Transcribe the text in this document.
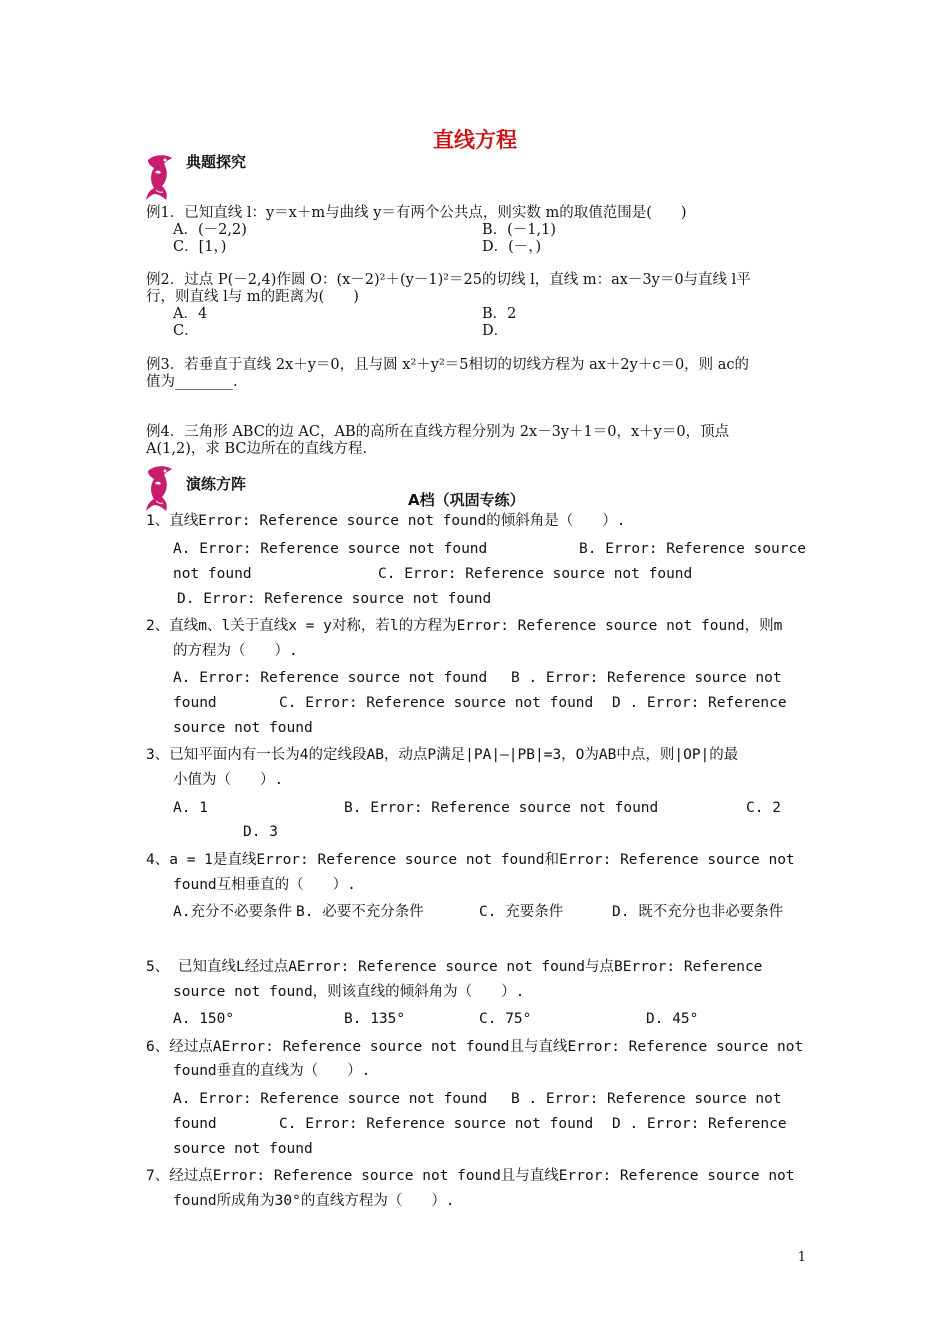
直线方程
典题探究
例1．已知直线 l：y＝x＋m与曲线 y＝有两个公共点，则实数 m的取值范围是(　　)
A．(－2,2)	B．(－1,1)
C．[1，)	D．(－，)
例2．过点 P(－2,4)作圆 O：(x－2)²＋(y－1)²＝25的切线 l，直线 m：ax－3y＝0与直线 l平
行，则直线 l与 m的距离为(　　)
A．4	B．2
C．	D．
例3．若垂直于直线 2x＋y＝0，且与圆 x²＋y²＝5相切的切线方程为 ax＋2y＋c＝0，则 ac的
值为________.
例4．三角形 ABC的边 AC，AB的高所在直线方程分别为 2x－3y＋1＝0，x＋y＝0，顶点
A(1,2)，求 BC边所在的直线方程.
演练方阵
A档（巩固专练）
1、直线Error: Reference source not found的倾斜角是（　　）.
A. Error: Reference source not found	B. Error: Reference source
not found	C. Error: Reference source not found
D. Error: Reference source not found
2、直线m、l关于直线x = y对称，若l的方程为Error: Reference source not found，则m
的方程为（　　）.
A. Error: Reference source not found B . Error: Reference source not
found	C. Error: Reference source not found D . Error: Reference
source not found
3、已知平面内有一长为4的定线段AB，动点P满足|PA|—|PB|=3，O为AB中点，则|OP|的最
小值为（　　）.
A. 1	B. Error: Reference source not found	C. 2
D. 3
4、a = 1是直线Error: Reference source not found和Error: Reference source not
found互相垂直的（　　）.
A.充分不必要条件 B. 必要不充分条件	C. 充要条件	D. 既不充分也非必要条件
5、 已知直线L经过点AError: Reference source not found与点BError: Reference
source not found，则该直线的倾斜角为（　　）.
A. 150°	B. 135°	C. 75°	D. 45°
6、经过点AError: Reference source not found且与直线Error: Reference source not
found垂直的直线为（　　）.
A. Error: Reference source not found B . Error: Reference source not
found	C. Error: Reference source not found D . Error: Reference
source not found
7、经过点Error: Reference source not found且与直线Error: Reference source not
found所成角为30°的直线方程为（　　）.
1
